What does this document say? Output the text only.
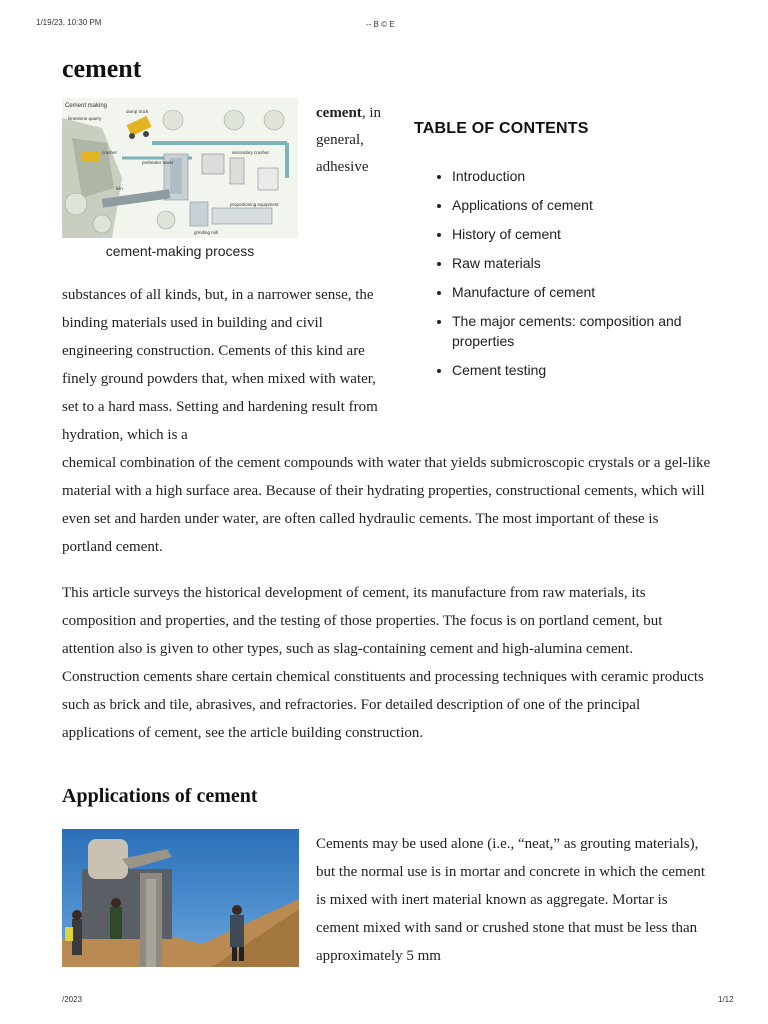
1/19/23, 10:30 PM	-- B © E
cement
Cement making
limestone quarry
dump truck
crusher
preheater tower
secondary crusher
kiln
proportioning equipment
grinding mill
cement-making process
cement, in general, adhesive
TABLE OF CONTENTS
• Introduction
• Applications of cement
• History of cement
• Raw materials
• Manufacture of cement
• The major cements: composition and properties
• Cement testing

substances of all kinds, but, in a narrower sense, the binding materials used in building and civil engineering construction. Cements of this kind are finely ground powders that, when mixed with water, set to a hard mass. Setting and hardening result from hydration, which is a

chemical combination of the cement compounds with water that yields submicroscopic crystals or a gel-like material with a high surface area. Because of their hydrating properties, constructional cements, which will even set and harden under water, are often called hydraulic cements. The most important of these is portland cement.

This article surveys the historical development of cement, its manufacture from raw materials, its composition and properties, and the testing of those properties. The focus is on portland cement, but attention also is given to other types, such as slag-containing cement and high-alumina cement. Construction cements share certain chemical constituents and processing techniques with ceramic products such as brick and tile, abrasives, and refractories. For detailed description of one of the principal applications of cement, see the article building construction.

Applications of cement

Cements may be used alone (i.e., “neat,” as grouting materials), but the normal use is in mortar and concrete in which the cement is mixed with inert material known as aggregate. Mortar is cement mixed with sand or crushed stone that must be less than approximately 5 mm

/2023	1/12
